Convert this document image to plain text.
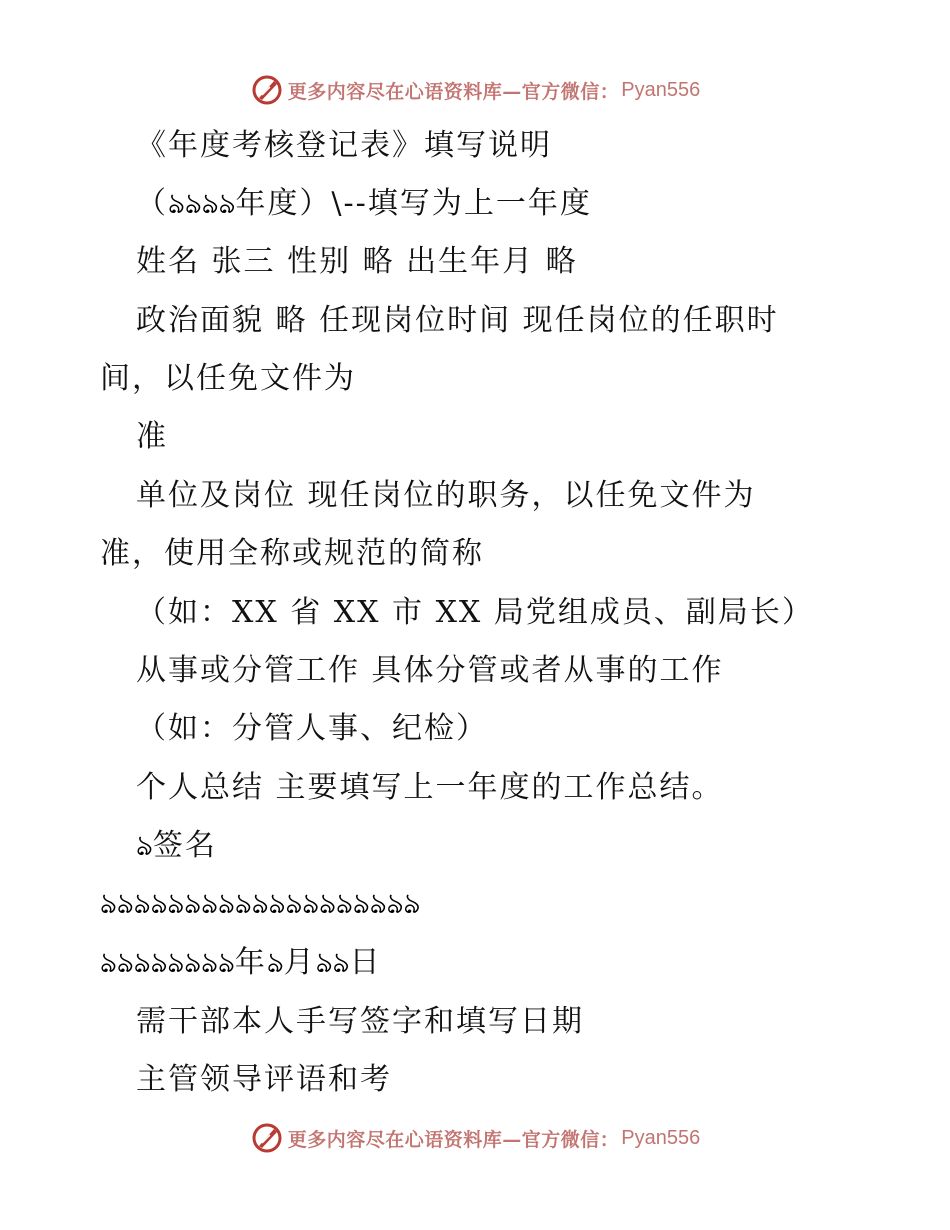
更多内容尽在心语资料库—官方微信： Pyan556
《年度考核登记表》填写说明
（ঌঌঌঌ年度）\--填写为上一年度
姓名 张三 性别 略 出生年月 略
政治面貌 略 任现岗位时间 现任岗位的任职时
间，以任免文件为
准
单位及岗位 现任岗位的职务，以任免文件为
准，使用全称或规范的简称
（如：XX 省 XX 市 XX 局党组成员、副局长）
从事或分管工作 具体分管或者从事的工作
（如：分管人事、纪检）
个人总结 主要填写上一年度的工作总结。
ঌ签名
ঌঌঌঌঌঌঌঌঌঌঌঌঌঌঌঌঌঌঌ
ঌঌঌঌঌঌঌঌ年ঌ月ঌঌ日
需干部本人手写签字和填写日期
主管领导评语和考
更多内容尽在心语资料库—官方微信： Pyan556
